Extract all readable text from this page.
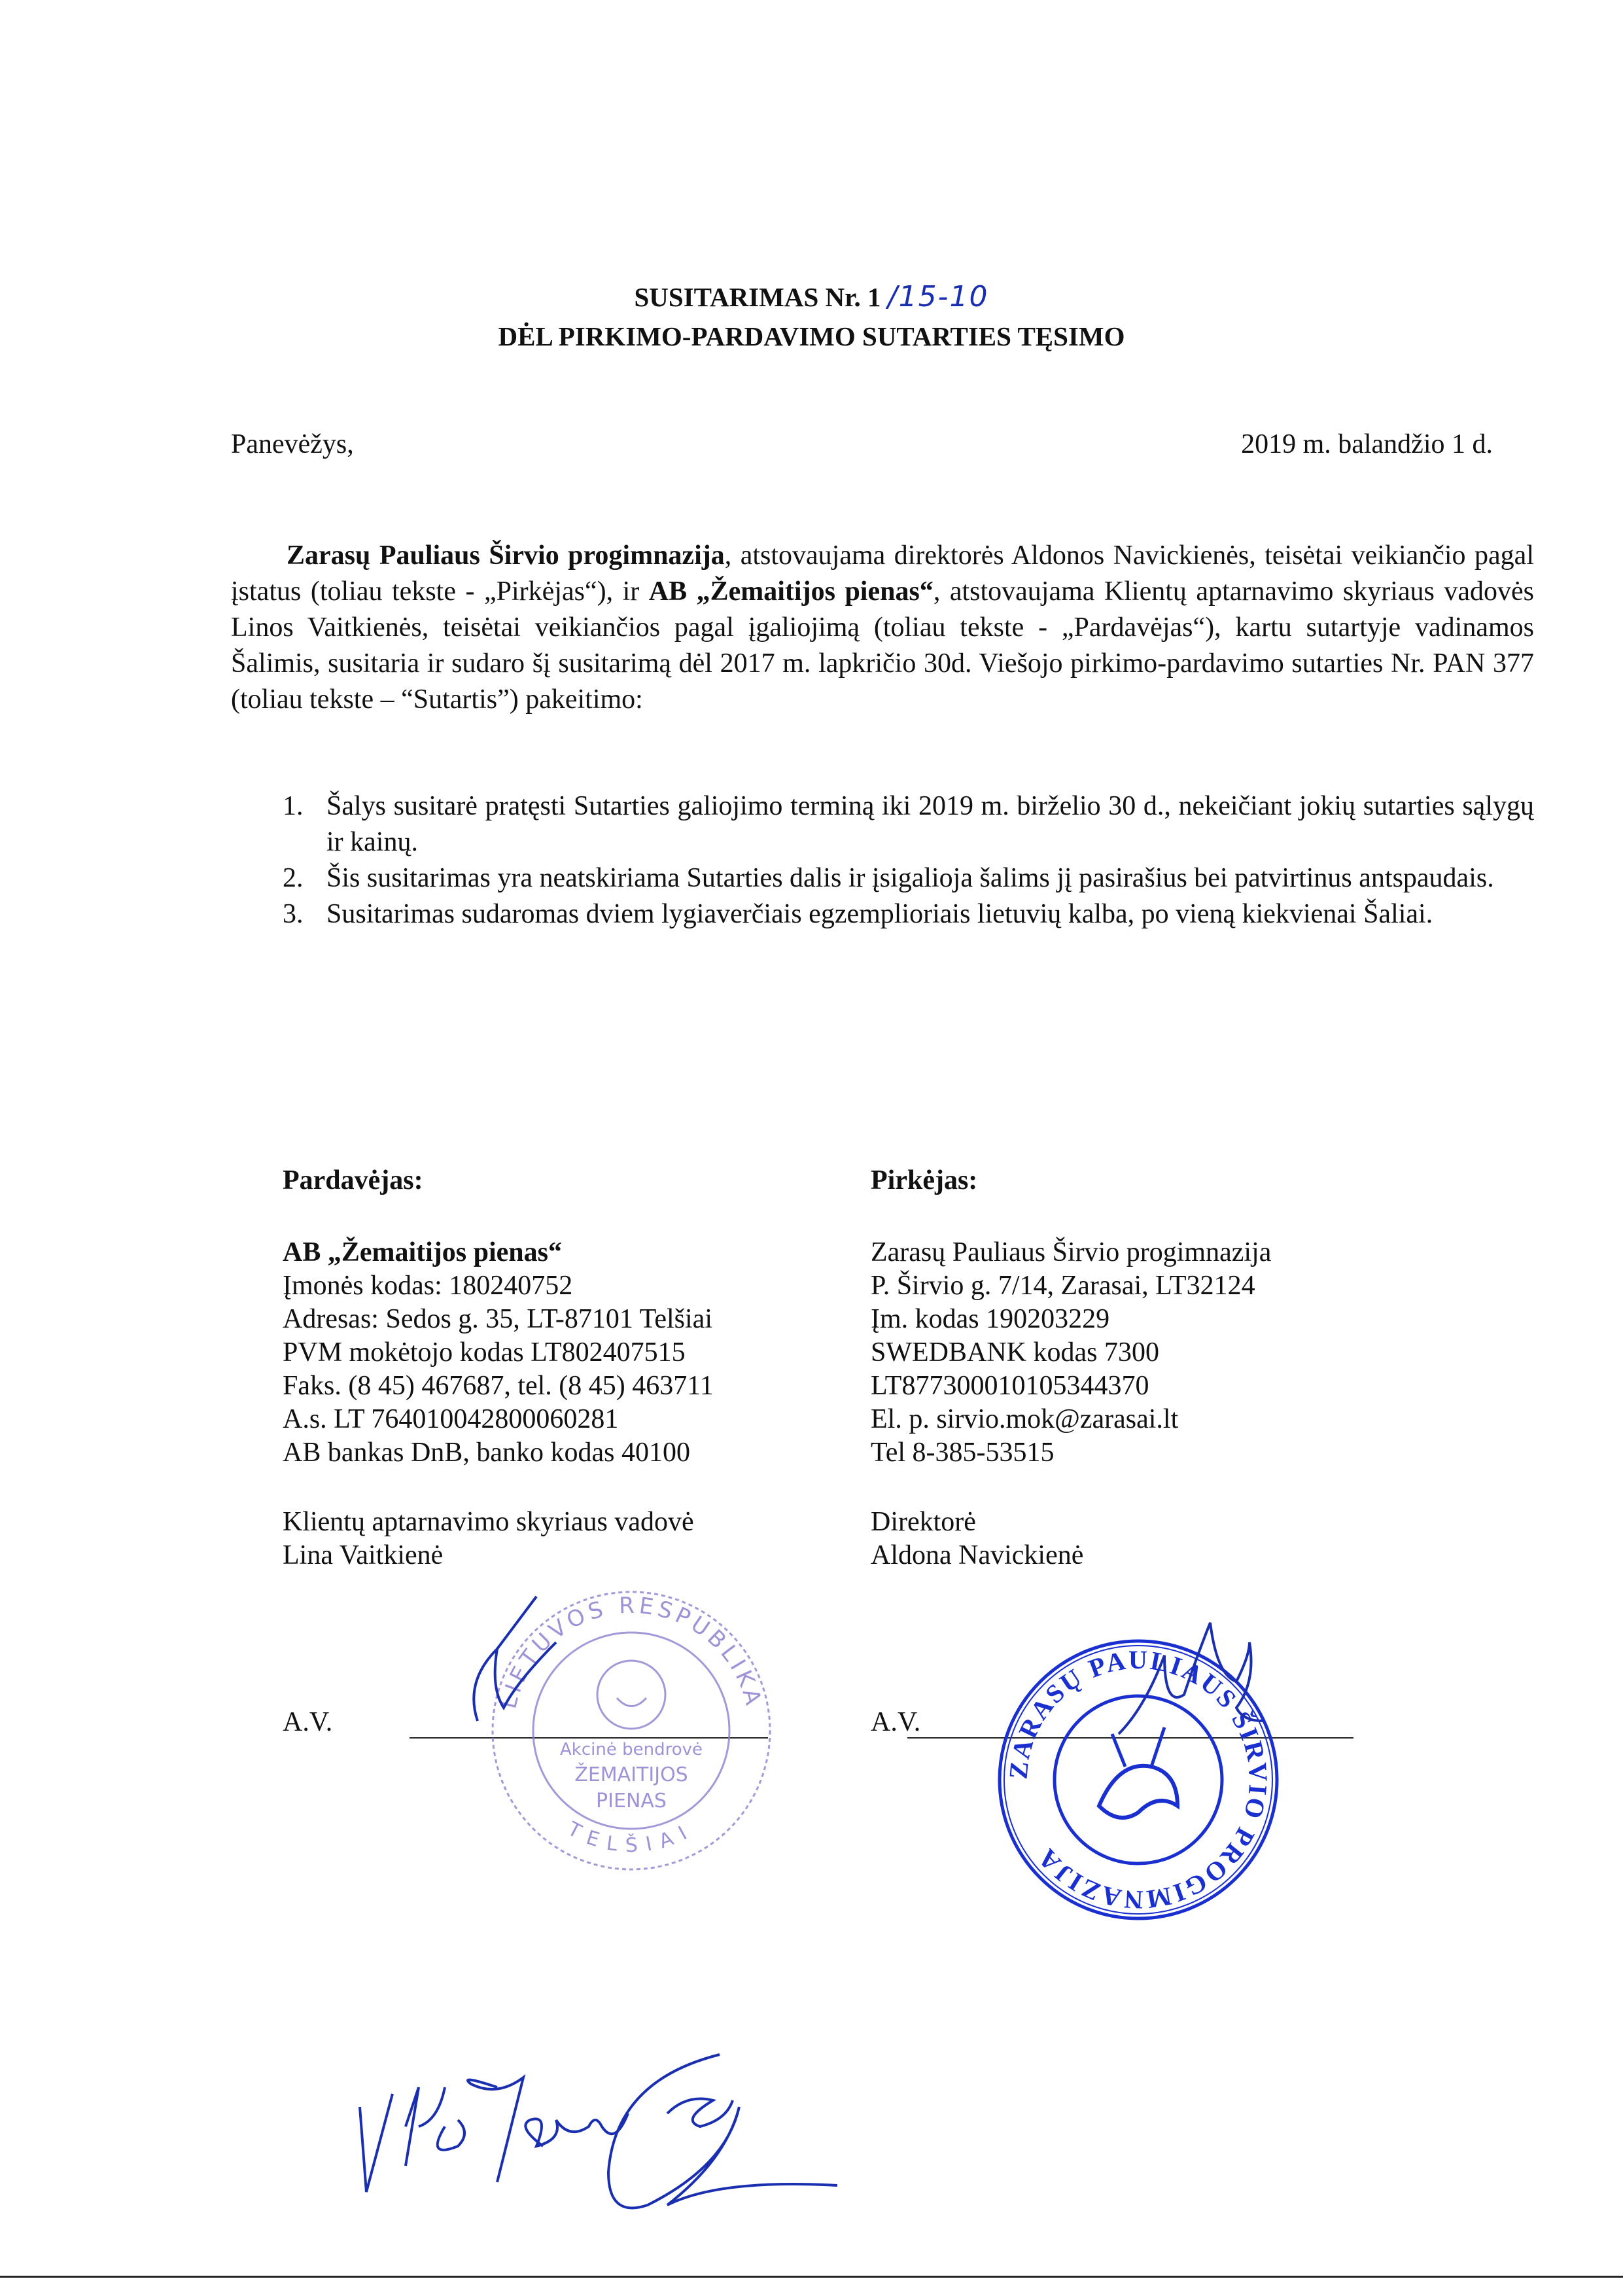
SUSITARIMAS Nr. 1 /15-10
DĖL PIRKIMO-PARDAVIMO SUTARTIES TĘSIMO
Panevėžys,	2019 m. balandžio 1 d.
Zarasų Pauliaus Širvio progimnazija, atstovaujama direktorės Aldonos Navickienės, teisėtai veikiančio pagal įstatus (toliau tekste - „Pirkėjas“), ir AB „Žemaitijos pienas“, atstovaujama Klientų aptarnavimo skyriaus vadovės Linos Vaitkienės, teisėtai veikiančios pagal įgaliojimą (toliau tekste - „Pardavėjas“), kartu sutartyje vadinamos Šalimis, susitaria ir sudaro šį susitarimą dėl 2017 m. lapkričio 30d. Viešojo pirkimo-pardavimo sutarties Nr. PAN 377 (toliau tekste – “Sutartis”) pakeitimo:
1. Šalys susitarė pratęsti Sutarties galiojimo terminą iki 2019 m. birželio 30 d., nekeičiant jokių sutarties sąlygų ir kainų.
2. Šis susitarimas yra neatskiriama Sutarties dalis ir įsigalioja šalims jį pasirašius bei patvirtinus antspaudais.
3. Susitarimas sudaromas dviem lygiaverčiais egzemplioriais lietuvių kalba, po vieną kiekvienai Šaliai.
Pardavėjas:
AB „Žemaitijos pienas“
Įmonės kodas: 180240752
Adresas: Sedos g. 35, LT-87101 Telšiai
PVM mokėtojo kodas LT802407515
Faks. (8 45) 467687, tel. (8 45) 463711
A.s. LT 764010042800060281
AB bankas DnB, banko kodas 40100
Klientų aptarnavimo skyriaus vadovė
Lina Vaitkienė
A.V.
Pirkėjas:
Zarasų Pauliaus Širvio progimnazija
P. Širvio g. 7/14, Zarasai, LT32124
Įm. kodas 190203229
SWEDBANK kodas 7300
LT877300010105344370
El. p. sirvio.mok@zarasai.lt
Tel 8-385-53515
Direktorė
Aldona Navickienė
A.V.
LIETUVOS RESPUBLIKA
TELŠIAI
Akcinė bendrovė
ŽEMAITIJOS
PIENAS
ZARASŲ PAULIAUS ŠIRVIO PROGIMNAZIJA
